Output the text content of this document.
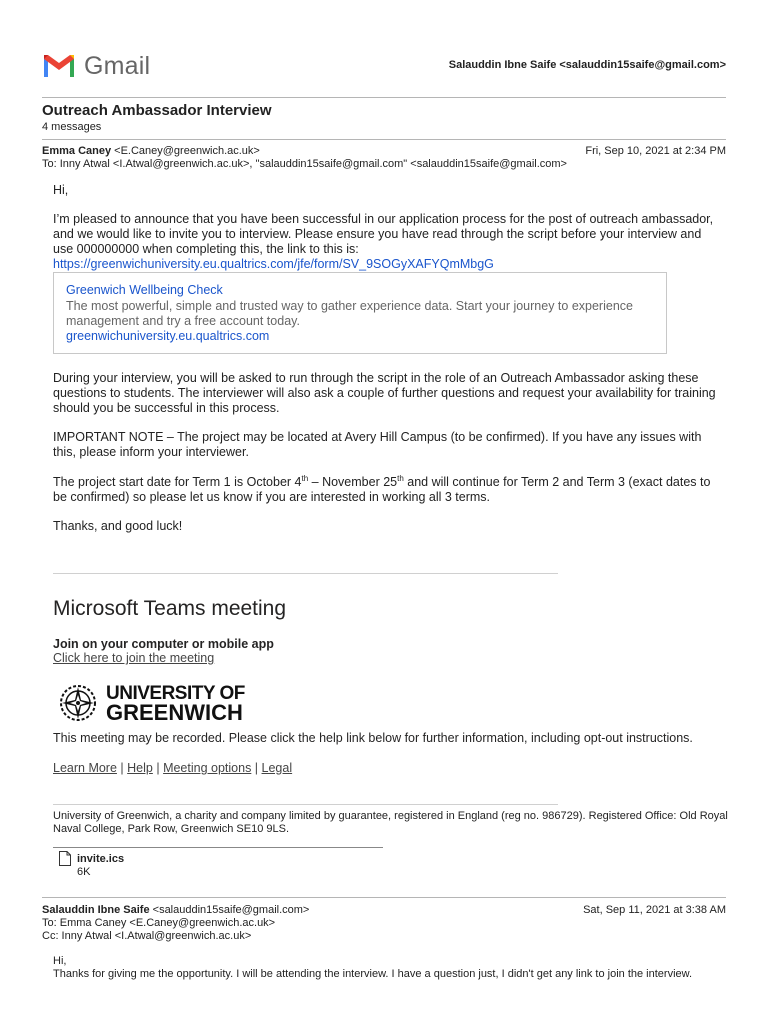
Gmail	Salauddin Ibne Saife <salauddin15saife@gmail.com>
Outreach Ambassador Interview
4 messages
Emma Caney <E.Caney@greenwich.ac.uk>	Fri, Sep 10, 2021 at 2:34 PM
To: Inny Atwal <I.Atwal@greenwich.ac.uk>, "salauddin15saife@gmail.com" <salauddin15saife@gmail.com>
Hi,
I’m pleased to announce that you have been successful in our application process for the post of outreach ambassador, and we would like to invite you to interview. Please ensure you have read through the script before your interview and use 000000000 when completing this, the link to this is:    https://greenwichuniversity.eu.qualtrics.com/jfe/form/SV_9SOGyXAFYQmMbgG
Greenwich Wellbeing Check
The most powerful, simple and trusted way to gather experience data. Start your journey to experience management and try a free account today.
greenwichuniversity.eu.qualtrics.com
During your interview, you will be asked to run through the script in the role of an Outreach Ambassador asking these questions to students. The interviewer will also ask a couple of further questions and request your availability for training should you be successful in this process.
IMPORTANT NOTE – The project may be located at Avery Hill Campus (to be confirmed). If you have any issues with this, please inform your interviewer.
The project start date for Term 1 is October 4th – November 25th and will continue for Term 2 and Term 3 (exact dates to be confirmed) so please let us know if you are interested in working all 3 terms.
Thanks, and good luck!
Microsoft Teams meeting
Join on your computer or mobile app
Click here to join the meeting
UNIVERSITY OF
GREENWICH
This meeting may be recorded. Please click the help link below for further information, including opt-out instructions.
Learn More | Help | Meeting options | Legal
University of Greenwich, a charity and company limited by guarantee, registered in England (reg no. 986729). Registered Office: Old Royal Naval College, Park Row, Greenwich SE10 9LS.
invite.ics
6K
Salauddin Ibne Saife <salauddin15saife@gmail.com>	Sat, Sep 11, 2021 at 3:38 AM
To: Emma Caney <E.Caney@greenwich.ac.uk>
Cc: Inny Atwal <I.Atwal@greenwich.ac.uk>
Hi,
Thanks for giving me the opportunity. I will be attending the interview. I have a question just, I didn't get any link to join the interview.
